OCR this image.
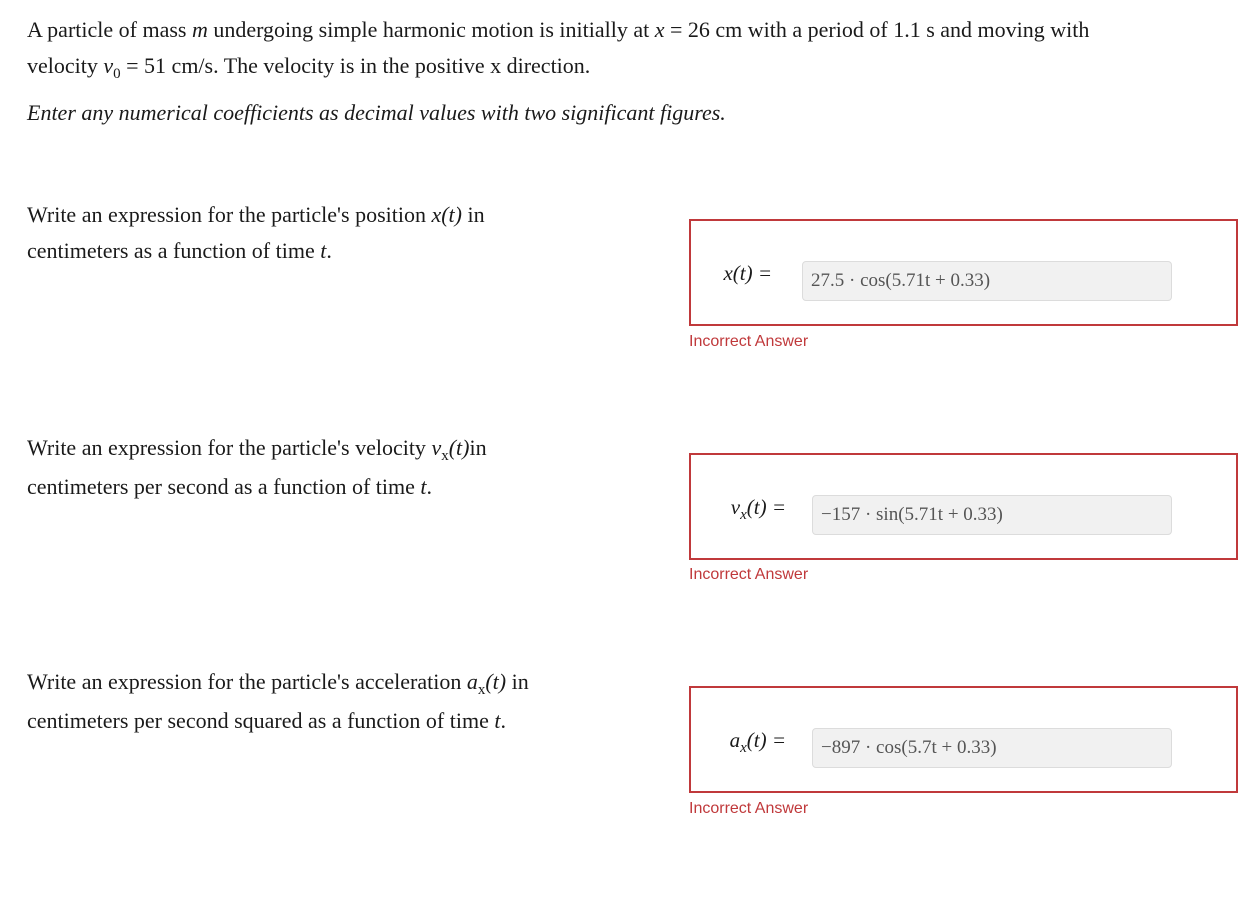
A particle of mass m undergoing simple harmonic motion is initially at x = 26 cm with a period of 1.1 s and moving with
velocity $v_0 = 51$ cm/s. The velocity is in the positive x direction.
Enter any numerical coefficients as decimal values with two significant figures.
Write an expression for the particle's position x(t) in
centimeters as a function of time t.
x(t) =	27.5 · cos(5.71t + 0.33)
Incorrect Answer
Write an expression for the particle's velocity $v_x(t)in$
centimeters per second as a function of time t.
$v_x(t)$ =	−157 · sin(5.71t + 0.33)
Incorrect Answer
Write an expression for the particle's acceleration $a_x(t)$ in
centimeters per second squared as a function of time t.
$a_x(t)$ =	−897 · cos(5.7t + 0.33)
Incorrect Answer
